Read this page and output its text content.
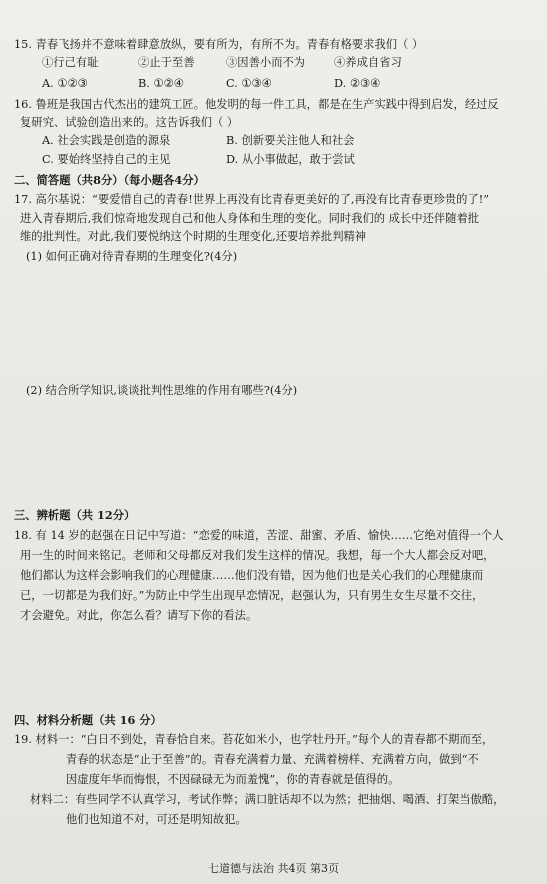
15. 青春飞扬并不意味着肆意放纵，要有所为，有所不为。青春有格要求我们（ ）
①行己有耻	②止于至善	③因善小而不为	④养成自省习
A. ①②③	B. ①②④	C. ①③④	D. ②③④
16. 鲁班是我国古代杰出的建筑工匠。他发明的每一件工具，都是在生产实践中得到启发，经过反
复研究、试验创造出来的。这告诉我们（ ）
A. 社会实践是创造的源泉	B. 创新要关注他人和社会
C. 要始终坚持自己的主见	D. 从小事做起，敢于尝试
二、简答题（共8分）（每小题各4分）
17. 高尔基说：“要爱惜自己的青春!世界上再没有比青春更美好的了,再没有比青春更珍贵的了!”
进入青春期后,我们惊奇地发现自己和他人身体和生理的变化。同时我们的 成长中还伴随着批
维的批判性。对此,我们要悦纳这个时期的生理变化,还要培养批判精神
(1) 如何正确对待青春期的生理变化?(4分)
(2) 结合所学知识,谈谈批判性思维的作用有哪些?(4分)
三、辨析题（共 12分）
18. 有 14 岁的赵强在日记中写道：“恋爱的味道，苦涩、甜蜜、矛盾、愉快……它绝对值得一个人
用一生的时间来铭记。老师和父母都反对我们发生这样的情况。我想，每一个大人都会反对吧，
他们都认为这样会影响我们的心理健康……他们没有错，因为他们也是关心我们的心理健康而
已，一切都是为我们好。”为防止中学生出现早恋情况，赵强认为，只有男生女生尽量不交往，
才会避免。对此，你怎么看？请写下你的看法。
四、材料分析题（共 16 分）
19. 材料一：“白日不到处，青春恰自来。苔花如米小，也学牡丹开。”每个人的青春都不期而至，
青春的状态是“止于至善”的。青春充满着力量、充满着榜样、充满着方向，做到“不
因虚度年华而悔恨，不因碌碌无为而羞愧”，你的青春就是值得的。
材料二：有些同学不认真学习，考试作弊；满口脏话却不以为然；把抽烟、喝酒、打架当傲酷，
他们也知道不对，可还是明知故犯。
七道德与法治 共4页 第3页
